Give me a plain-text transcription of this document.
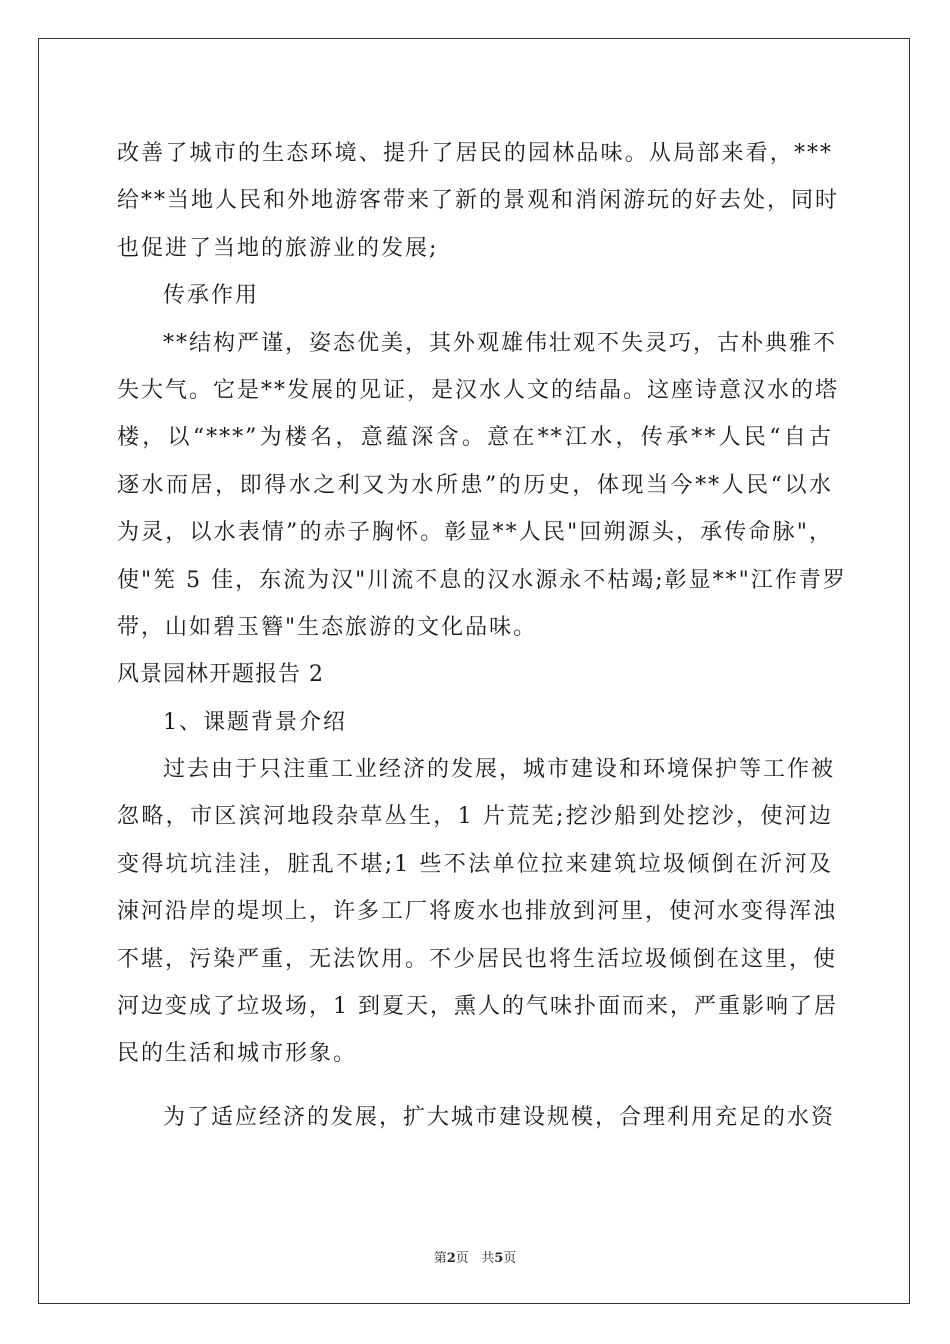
改善了城市的生态环境、提升了居民的园林品味。从局部来看，***
给**当地人民和外地游客带来了新的景观和消闲游玩的好去处，同时
也促进了当地的旅游业的发展;
传承作用
**结构严谨，姿态优美，其外观雄伟壮观不失灵巧，古朴典雅不
失大气。它是**发展的见证，是汉水人文的结晶。这座诗意汉水的塔
楼，以“***”为楼名，意蕴深含。意在**江水，传承**人民“自古
逐水而居，即得水之利又为水所患”的历史，体现当今**人民“以水
为灵，以水表情”的赤子胸怀。彰显**人民"回朔源头，承传命脉"，
使"筅 5 佳，东流为汉"川流不息的汉水源永不枯竭;彰显**"江作青罗
带，山如碧玉簪"生态旅游的文化品味。
风景园林开题报告 2
1、课题背景介绍
过去由于只注重工业经济的发展，城市建设和环境保护等工作被
忽略，市区滨河地段杂草丛生，1 片荒芜;挖沙船到处挖沙，使河边
变得坑坑洼洼，脏乱不堪;1 些不法单位拉来建筑垃圾倾倒在沂河及
涑河沿岸的堤坝上，许多工厂将废水也排放到河里，使河水变得浑浊
不堪，污染严重，无法饮用。不少居民也将生活垃圾倾倒在这里，使
河边变成了垃圾场，1 到夏天，熏人的气味扑面而来，严重影响了居
民的生活和城市形象。
为了适应经济的发展，扩大城市建设规模，合理利用充足的水资
第2页 共5页
